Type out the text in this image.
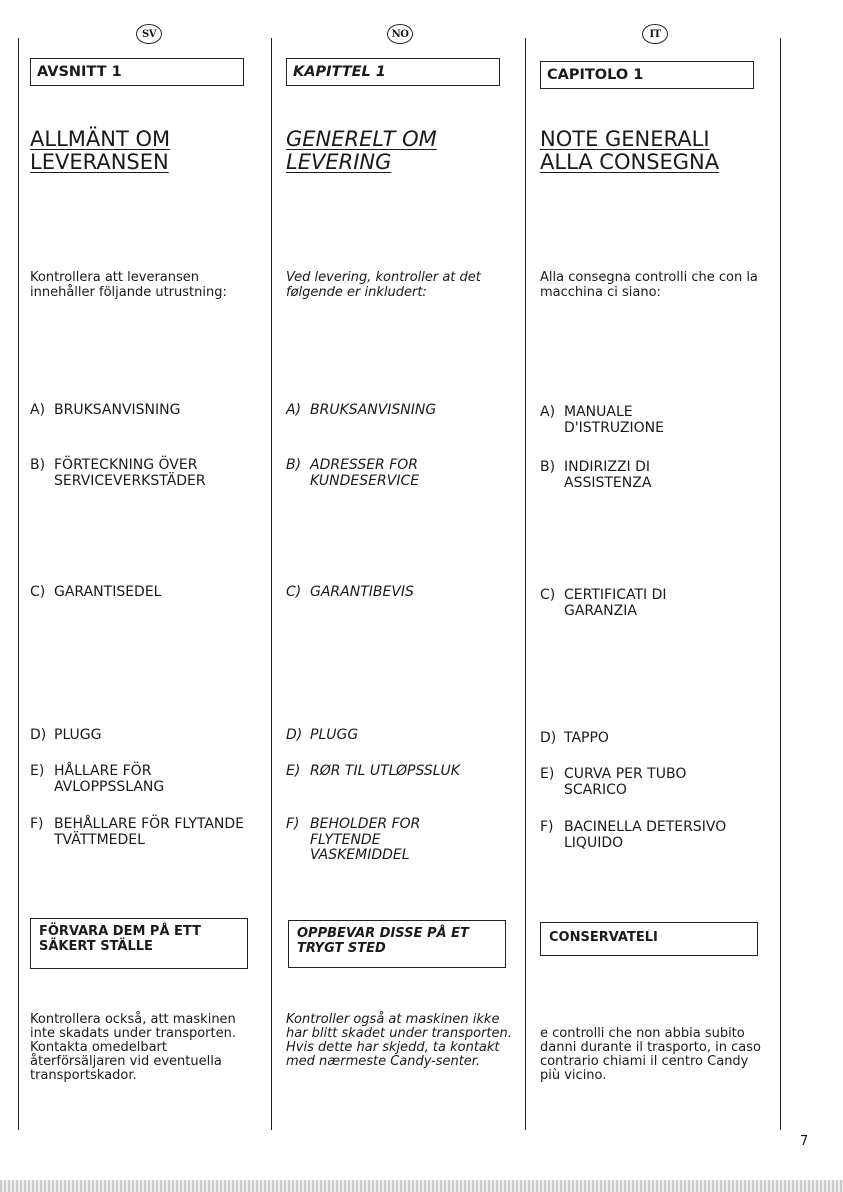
SV
AVSNITT 1
ALLMÄNT OM
LEVERANSEN
Kontrollera att leveransen innehåller följande utrustning:
A) BRUKSANVISNING
B) FÖRTECKNING ÖVER SERVICEVERKSTÄDER
C) GARANTISEDEL
D) PLUGG
E) HÅLLARE FÖR AVLOPPSSLANG
F) BEHÅLLARE FÖR FLYTANDE TVÄTTMEDEL
FÖRVARA DEM PÅ ETT SÄKERT STÄLLE
Kontrollera också, att maskinen inte skadats under transporten. Kontakta omedelbart återförsäljaren vid eventuella transportskador.
NO
KAPITTEL 1
GENERELT OM
LEVERING
Ved levering, kontroller at det følgende er inkludert:
A) BRUKSANVISNING
B) ADRESSER FOR KUNDESERVICE
C) GARANTIBEVIS
D) PLUGG
E) RØR TIL UTLØPSSLUK
F) BEHOLDER FOR FLYTENDE VASKEMIDDEL
OPPBEVAR DISSE PÅ ET TRYGT STED
Kontroller også at maskinen ikke har blitt skadet under transporten. Hvis dette har skjedd, ta kontakt med nærmeste Candy-senter.
IT
CAPITOLO 1
NOTE GENERALI
ALLA CONSEGNA
Alla consegna controlli che con la macchina ci siano:
A) MANUALE D'ISTRUZIONE
B) INDIRIZZI DI ASSISTENZA
C) CERTIFICATI DI GARANZIA
D) TAPPO
E) CURVA PER TUBO SCARICO
F) BACINELLA DETERSIVO LIQUIDO
CONSERVATELI
e controlli che non abbia subito danni durante il trasporto, in caso contrario chiami il centro Candy più vicino.
7
